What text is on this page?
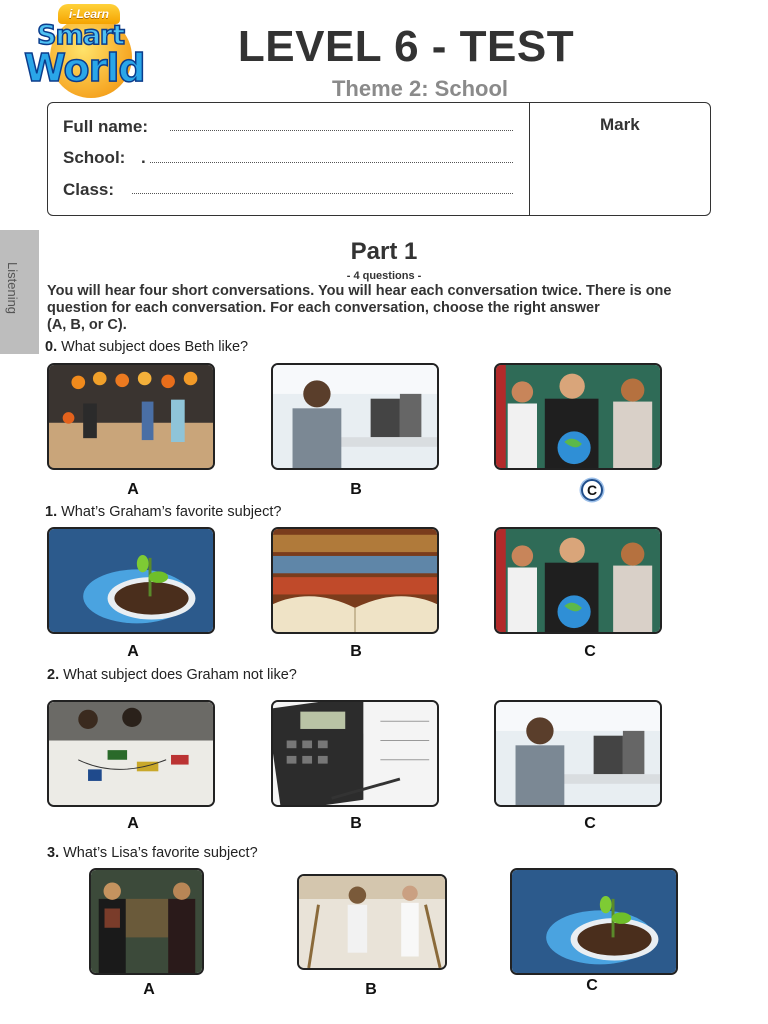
i-Learn
Smart
World	LEVEL 6 - TEST
Theme 2: School
Full name:
School: .
Class:
Mark
Listening
Part 1
- 4 questions -
You will hear four short conversations. You will hear each conversation twice. There is one
question for each conversation. For each conversation, choose the right answer
(A, B, or C).
0. What subject does Beth like?
A	B	C
1. What’s Graham’s favorite subject?
A	B	C
2. What subject does Graham not like?
A	B	C
3. What’s Lisa’s favorite subject?
A	B	C
